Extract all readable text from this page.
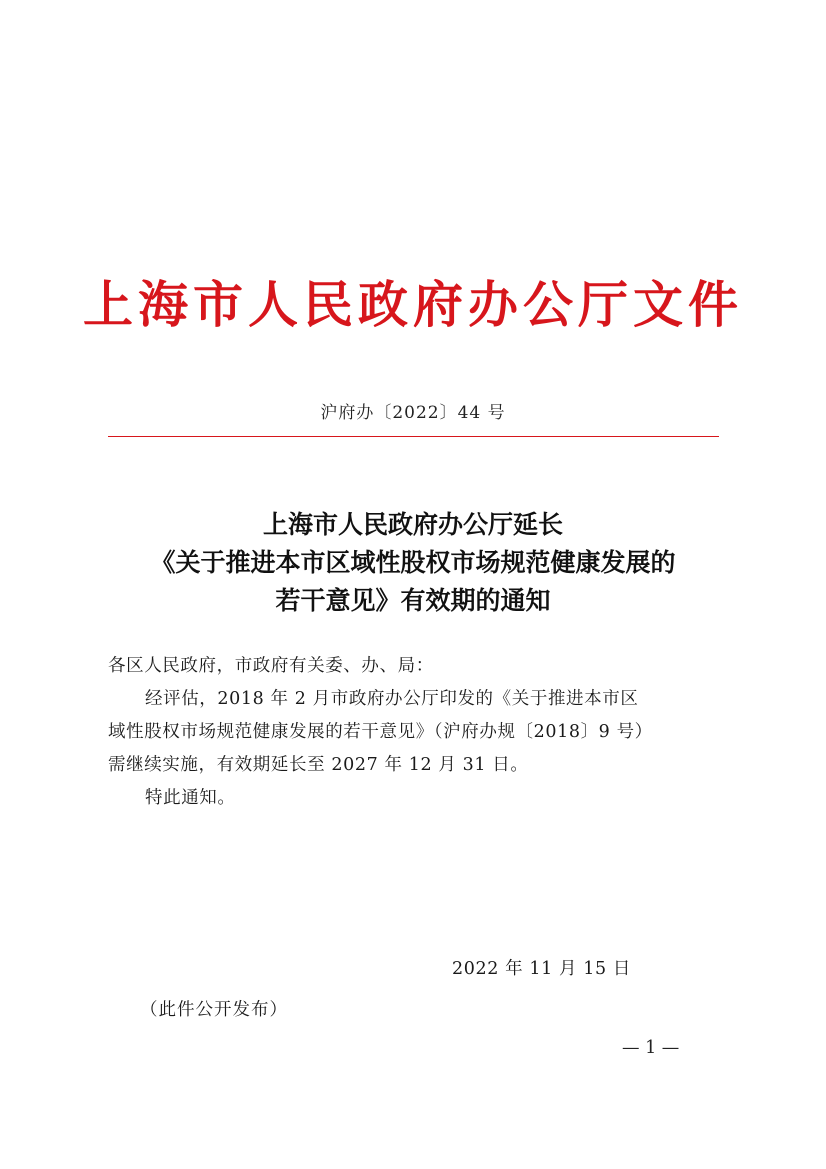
上海市人民政府办公厅文件
沪府办〔2022〕44 号
上海市人民政府办公厅延长
《关于推进本市区域性股权市场规范健康发展的
若干意见》有效期的通知
各区人民政府，市政府有关委、办、局：
经评估，2018 年 2 月市政府办公厅印发的《关于推进本市区
域性股权市场规范健康发展的若干意见》（沪府办规〔2018〕9 号）
需继续实施，有效期延长至 2027 年 12 月 31 日。
特此通知。
2022 年 11 月 15 日
（此件公开发布）
— 1 —
